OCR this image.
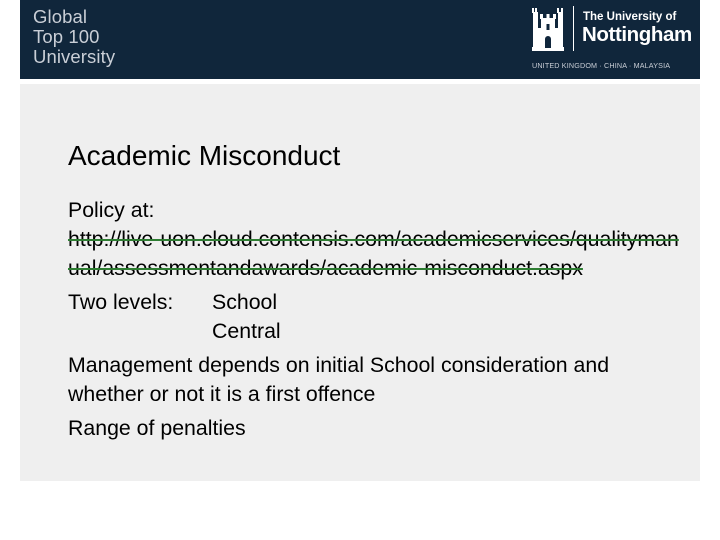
Global
Top 100
University
The University of
Nottingham
UNITED KINGDOM · CHINA · MALAYSIA
Academic Misconduct

Policy at:

http://live-uon.cloud.contensis.com/academicservices/qualitymanual/assessmentandawards/academic-misconduct.aspx

Two levels:	School
Central

Management depends on initial School consideration and whether or not it is a first offence

Range of penalties
